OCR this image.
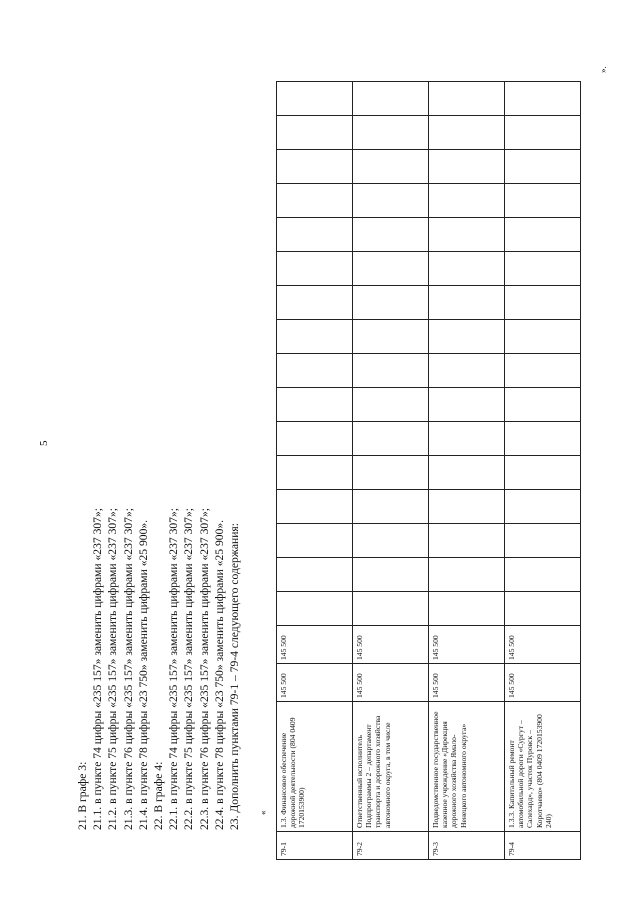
5
21. В графе 3: 21.1. в пункте 74 цифры «235 157» заменить цифрами «237 307»; 21.2. в пункте 75 цифры «235 157» заменить цифрами «237 307»; 21.3. в пункте 76 цифры «235 157» заменить цифрами «237 307»; 21.4. в пункте 78 цифры «23 750» заменить цифрами «25 900». 22. В графе 4: 22.1. в пункте 74 цифры «235 157» заменить цифрами «237 307»; 22.2. в пункте 75 цифры «235 157» заменить цифрами «237 307»; 22.3. в пункте 76 цифры «235 157» заменить цифрами «237 307»; 22.4. в пункте 78 цифры «23 750» заменить цифрами «25 900». 23. Дополнить пунктами 79-1 – 79-4 следующего содержания: «
79-1	1.3. Финансовое обеспечение дорожной деятельности (804 0409 1720153900)	145 500	145 500																
79-2	Ответственный исполнитель Подпрограммы 2 – департамент транспорта и дорожного хозяйства автономного округа, в том числе	145 500	145 500																
79-3	Подведомственное государственное казенное учреждение «Дирекция дорожного хозяйства Ямало-Ненецкого автономного округа»	145 500	145 500																
79-4	1.3.3. Капитальный ремонт автомобильной дороги «Сургут – Салехард», участок Пуровск – Коротчаево» (804 0409 1720153900 240)	145 500	145 500																
».
